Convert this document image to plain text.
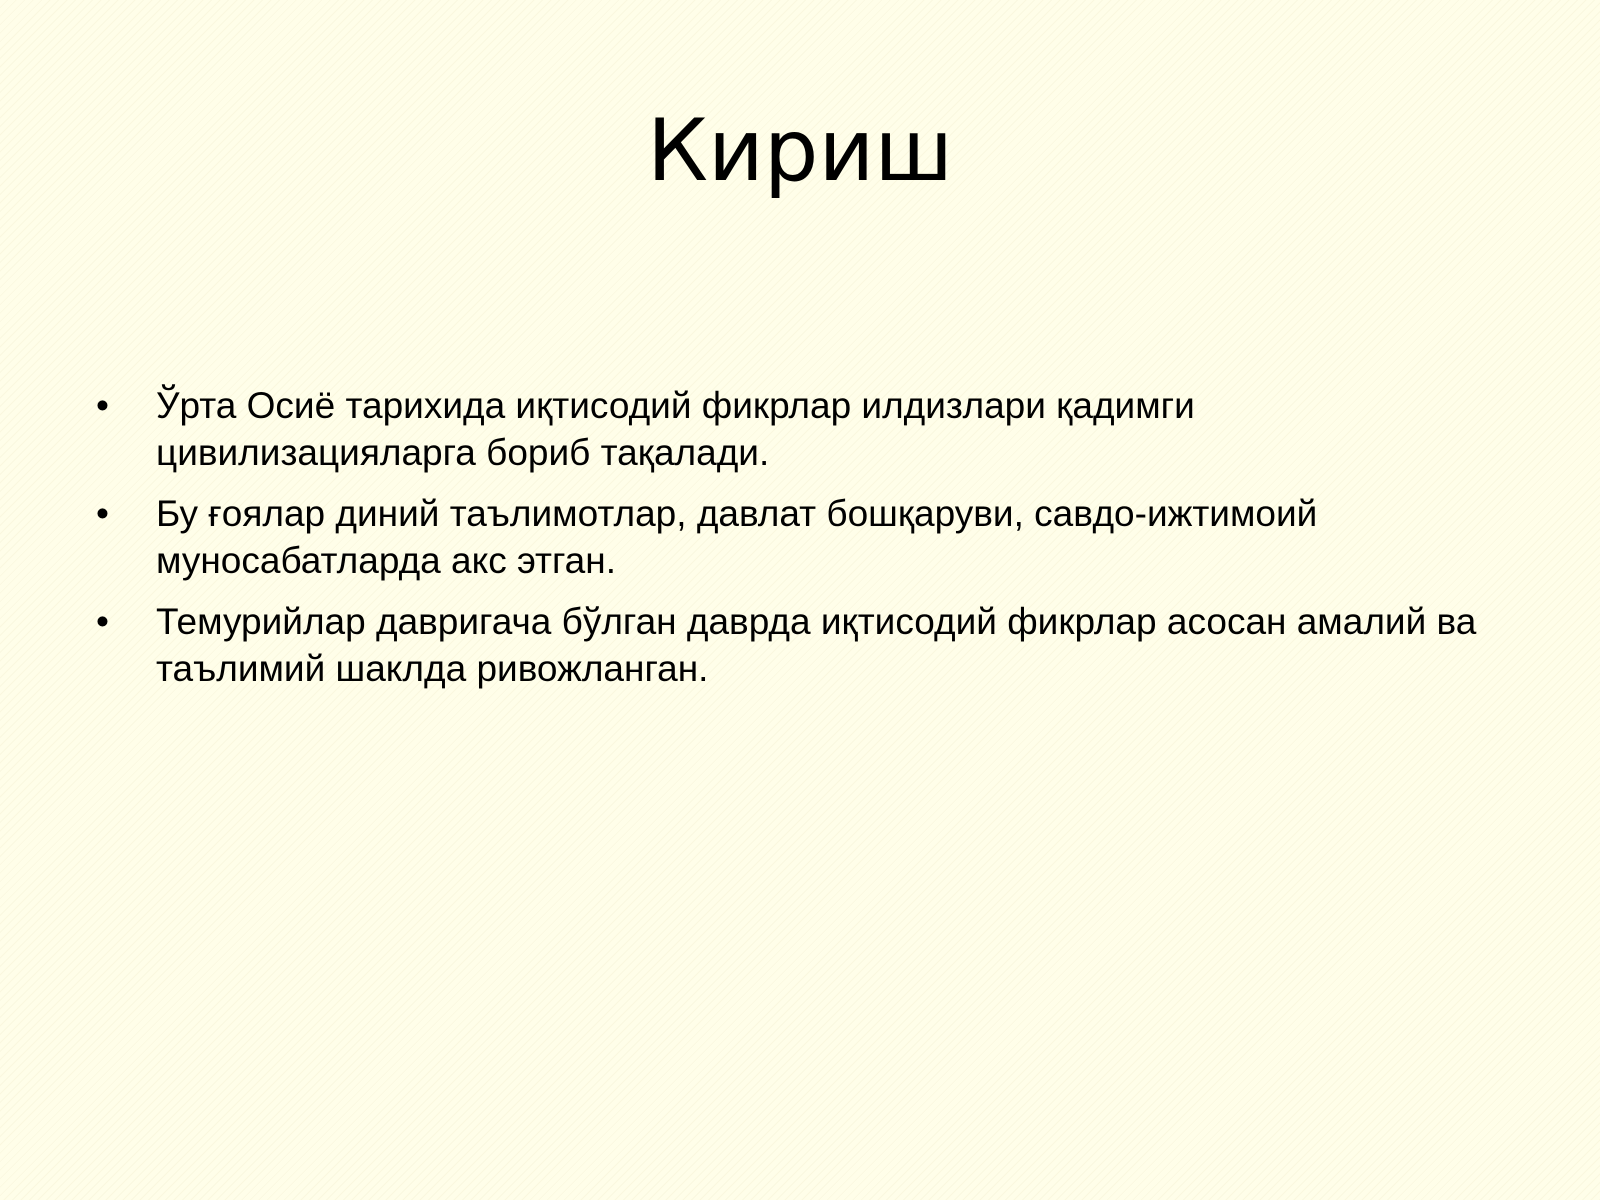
Кириш
• Ўрта Осиё тарихида иқтисодий фикрлар илдизлари қадимги цивилизацияларга бориб тақалади.
• Бу ғоялар диний таълимотлар, давлат бошқаруви, савдо-ижтимоий муносабатларда акс этган.
• Темурийлар давригача бўлган даврда иқтисодий фикрлар асосан амалий ва таълимий шаклда ривожланган.
